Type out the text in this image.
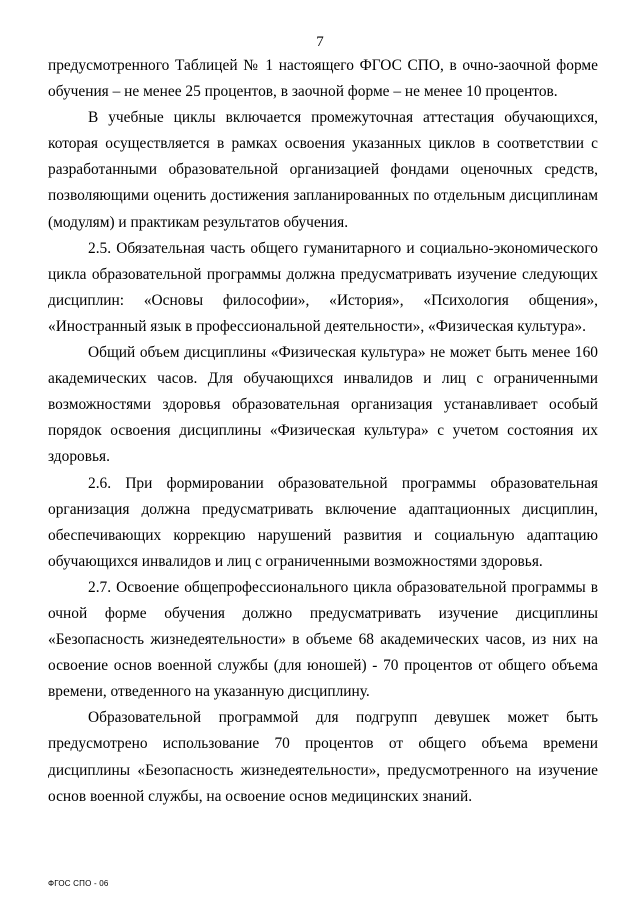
7

предусмотренного Таблицей № 1 настоящего ФГОС СПО, в очно-заочной форме обучения – не менее 25 процентов, в заочной форме – не менее 10 процентов.

В учебные циклы включается промежуточная аттестация обучающихся, которая осуществляется в рамках освоения указанных циклов в соответствии с разработанными образовательной организацией фондами оценочных средств, позволяющими оценить достижения запланированных по отдельным дисциплинам (модулям) и практикам результатов обучения.

2.5. Обязательная часть общего гуманитарного и социально-экономического цикла образовательной программы должна предусматривать изучение следующих дисциплин: «Основы философии», «История», «Психология общения», «Иностранный язык в профессиональной деятельности», «Физическая культура».

Общий объем дисциплины «Физическая культура» не может быть менее 160 академических часов. Для обучающихся инвалидов и лиц с ограниченными возможностями здоровья образовательная организация устанавливает особый порядок освоения дисциплины «Физическая культура» с учетом состояния их здоровья.

2.6. При формировании образовательной программы образовательная организация должна предусматривать включение адаптационных дисциплин, обеспечивающих коррекцию нарушений развития и социальную адаптацию обучающихся инвалидов и лиц с ограниченными возможностями здоровья.

2.7. Освоение общепрофессионального цикла образовательной программы в очной форме обучения должно предусматривать изучение дисциплины «Безопасность жизнедеятельности» в объеме 68 академических часов, из них на освоение основ военной службы (для юношей) - 70 процентов от общего объема времени, отведенного на указанную дисциплину.

Образовательной программой для подгрупп девушек может быть предусмотрено использование 70 процентов от общего объема времени дисциплины «Безопасность жизнедеятельности», предусмотренного на изучение основ военной службы, на освоение основ медицинских знаний.

ФГОС СПО - 06
